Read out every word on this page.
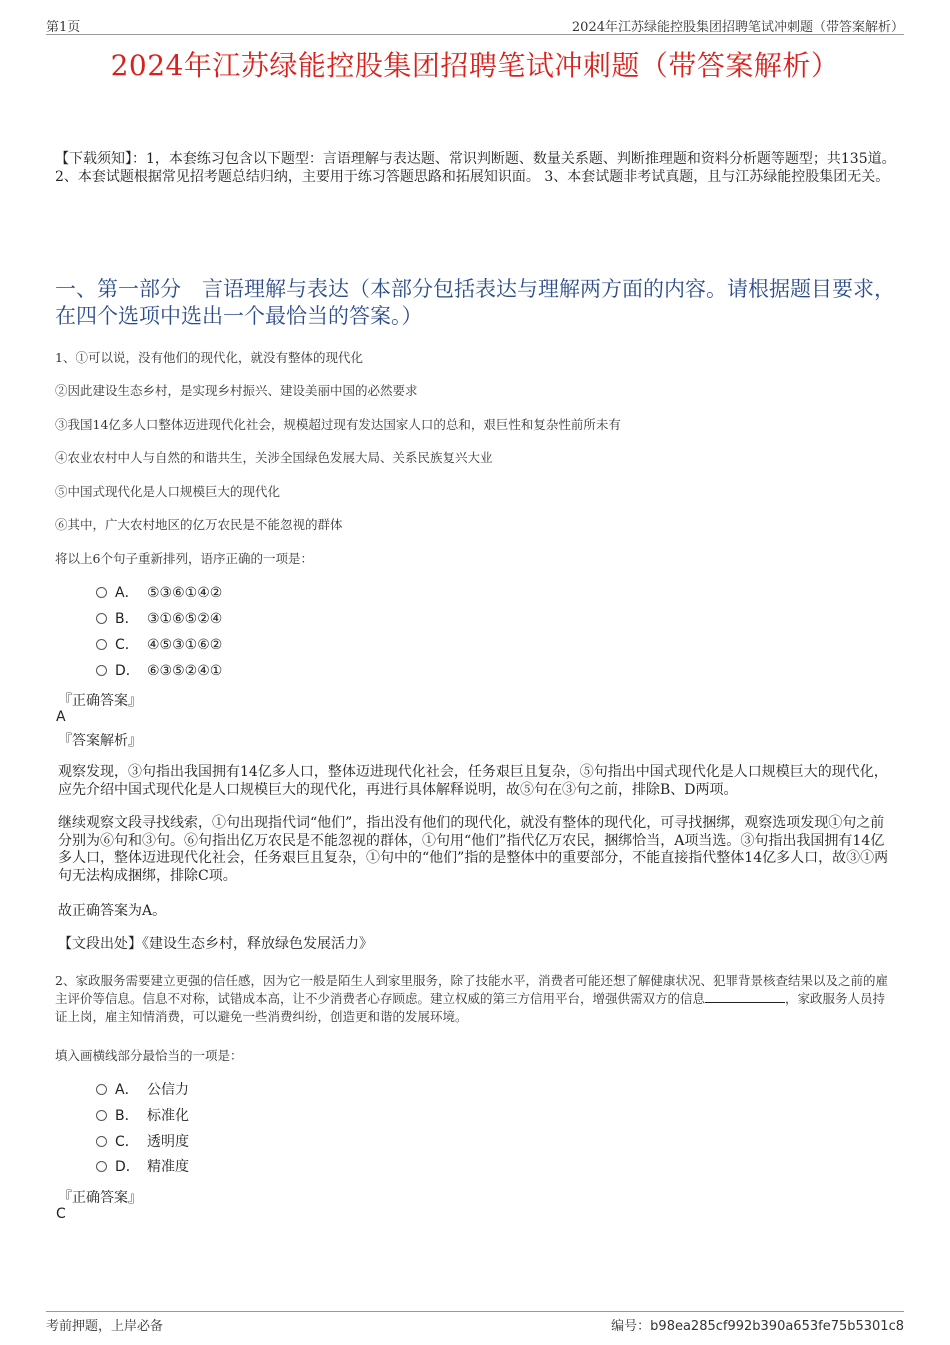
第1页	2024年江苏绿能控股集团招聘笔试冲刺题（带答案解析）
2024年江苏绿能控股集团招聘笔试冲刺题（带答案解析）
【下载须知】：1，本套练习包含以下题型：言语理解与表达题、常识判断题、数量关系题、判断推理题和资料分析题等题型；共135道。 2、本套试题根据常见招考题总结归纳，主要用于练习答题思路和拓展知识面。 3、本套试题非考试真题，且与江苏绿能控股集团无关。
一、第一部分　言语理解与表达（本部分包括表达与理解两方面的内容。请根据题目要求，在四个选项中选出一个最恰当的答案。）
1、①可以说，没有他们的现代化，就没有整体的现代化
②因此建设生态乡村，是实现乡村振兴、建设美丽中国的必然要求
③我国14亿多人口整体迈进现代化社会，规模超过现有发达国家人口的总和，艰巨性和复杂性前所未有
④农业农村中人与自然的和谐共生，关涉全国绿色发展大局、关系民族复兴大业
⑤中国式现代化是人口规模巨大的现代化
⑥其中，广大农村地区的亿万农民是不能忽视的群体
将以上6个句子重新排列，语序正确的一项是：
A． ⑤③⑥①④②
B． ③①⑥⑤②④
C． ④⑤③①⑥②
D． ⑥③⑤②④①
『正确答案』
A
『答案解析』
观察发现，③句指出我国拥有14亿多人口，整体迈进现代化社会，任务艰巨且复杂，⑤句指出中国式现代化是人口规模巨大的现代化，应先介绍中国式现代化是人口规模巨大的现代化，再进行具体解释说明，故⑤句在③句之前，排除B、D两项。
继续观察文段寻找线索，①句出现指代词“他们”，指出没有他们的现代化，就没有整体的现代化，可寻找捆绑，观察选项发现①句之前分别为⑥句和③句。⑥句指出亿万农民是不能忽视的群体，①句用“他们”指代亿万农民，捆绑恰当，A项当选。③句指出我国拥有14亿多人口，整体迈进现代化社会，任务艰巨且复杂，①句中的“他们”指的是整体中的重要部分，不能直接指代整体14亿多人口，故③①两句无法构成捆绑，排除C项。
故正确答案为A。
【文段出处】《建设生态乡村，释放绿色发展活力》
2、家政服务需要建立更强的信任感，因为它一般是陌生人到家里服务，除了技能水平，消费者可能还想了解健康状况、犯罪背景核查结果以及之前的雇主评价等信息。信息不对称，试错成本高，让不少消费者心存顾虑。建立权威的第三方信用平台，增强供需双方的信息	，家政服务人员持证上岗，雇主知情消费，可以避免一些消费纠纷，创造更和谐的发展环境。
填入画横线部分最恰当的一项是：
A． 公信力
B． 标准化
C． 透明度
D． 精准度
『正确答案』
C
考前押题，上岸必备	编号：b98ea285cf992b390a653fe75b5301c8
